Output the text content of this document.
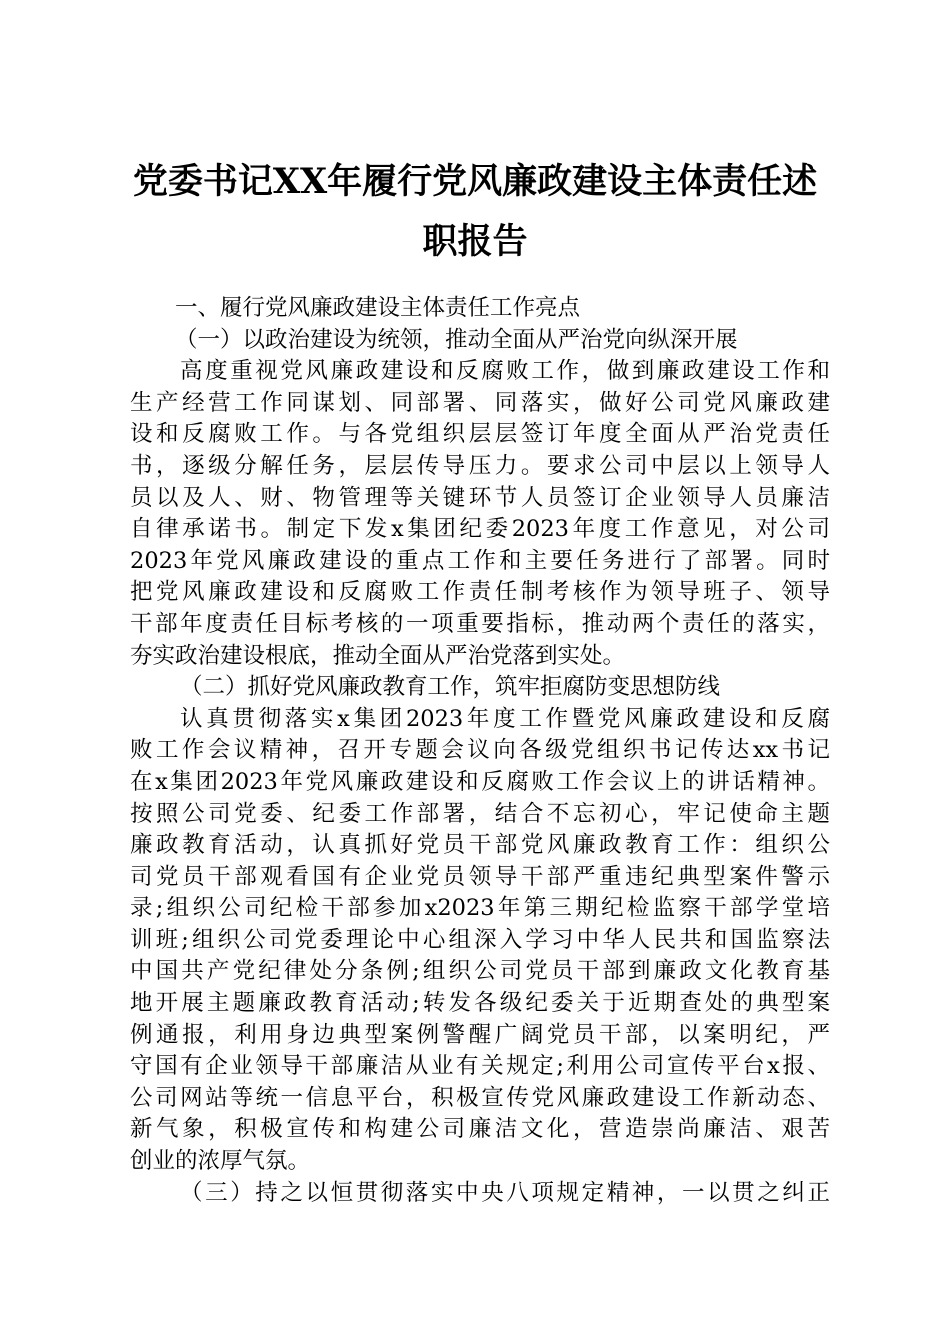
党委书记XX年履行党风廉政建设主体责任述
职报告
一、履行党风廉政建设主体责任工作亮点
（一）以政治建设为统领，推动全面从严治党向纵深开展
高度重视党风廉政建设和反腐败工作，做到廉政建设工作和
生产经营工作同谋划、同部署、同落实，做好公司党风廉政建
设和反腐败工作。与各党组织层层签订年度全面从严治党责任
书，逐级分解任务，层层传导压力。要求公司中层以上领导人
员以及人、财、物管理等关键环节人员签订企业领导人员廉洁
自律承诺书。制定下发x集团纪委2023年度工作意见，对公司
2023年党风廉政建设的重点工作和主要任务进行了部署。同时
把党风廉政建设和反腐败工作责任制考核作为领导班子、领导
干部年度责任目标考核的一项重要指标，推动两个责任的落实，
夯实政治建设根底，推动全面从严治党落到实处。
（二）抓好党风廉政教育工作，筑牢拒腐防变思想防线
认真贯彻落实x集团2023年度工作暨党风廉政建设和反腐
败工作会议精神，召开专题会议向各级党组织书记传达xx书记
在x集团2023年党风廉政建设和反腐败工作会议上的讲话精神。
按照公司党委、纪委工作部署，结合不忘初心，牢记使命主题
廉政教育活动，认真抓好党员干部党风廉政教育工作：组织公
司党员干部观看国有企业党员领导干部严重违纪典型案件警示
录;组织公司纪检干部参加x2023年第三期纪检监察干部学堂培
训班;组织公司党委理论中心组深入学习中华人民共和国监察法
中国共产党纪律处分条例;组织公司党员干部到廉政文化教育基
地开展主题廉政教育活动;转发各级纪委关于近期查处的典型案
例通报，利用身边典型案例警醒广阔党员干部，以案明纪，严
守国有企业领导干部廉洁从业有关规定;利用公司宣传平台x报、
公司网站等统一信息平台，积极宣传党风廉政建设工作新动态、
新气象，积极宣传和构建公司廉洁文化，营造崇尚廉洁、艰苦
创业的浓厚气氛。
（三）持之以恒贯彻落实中央八项规定精神，一以贯之纠正
